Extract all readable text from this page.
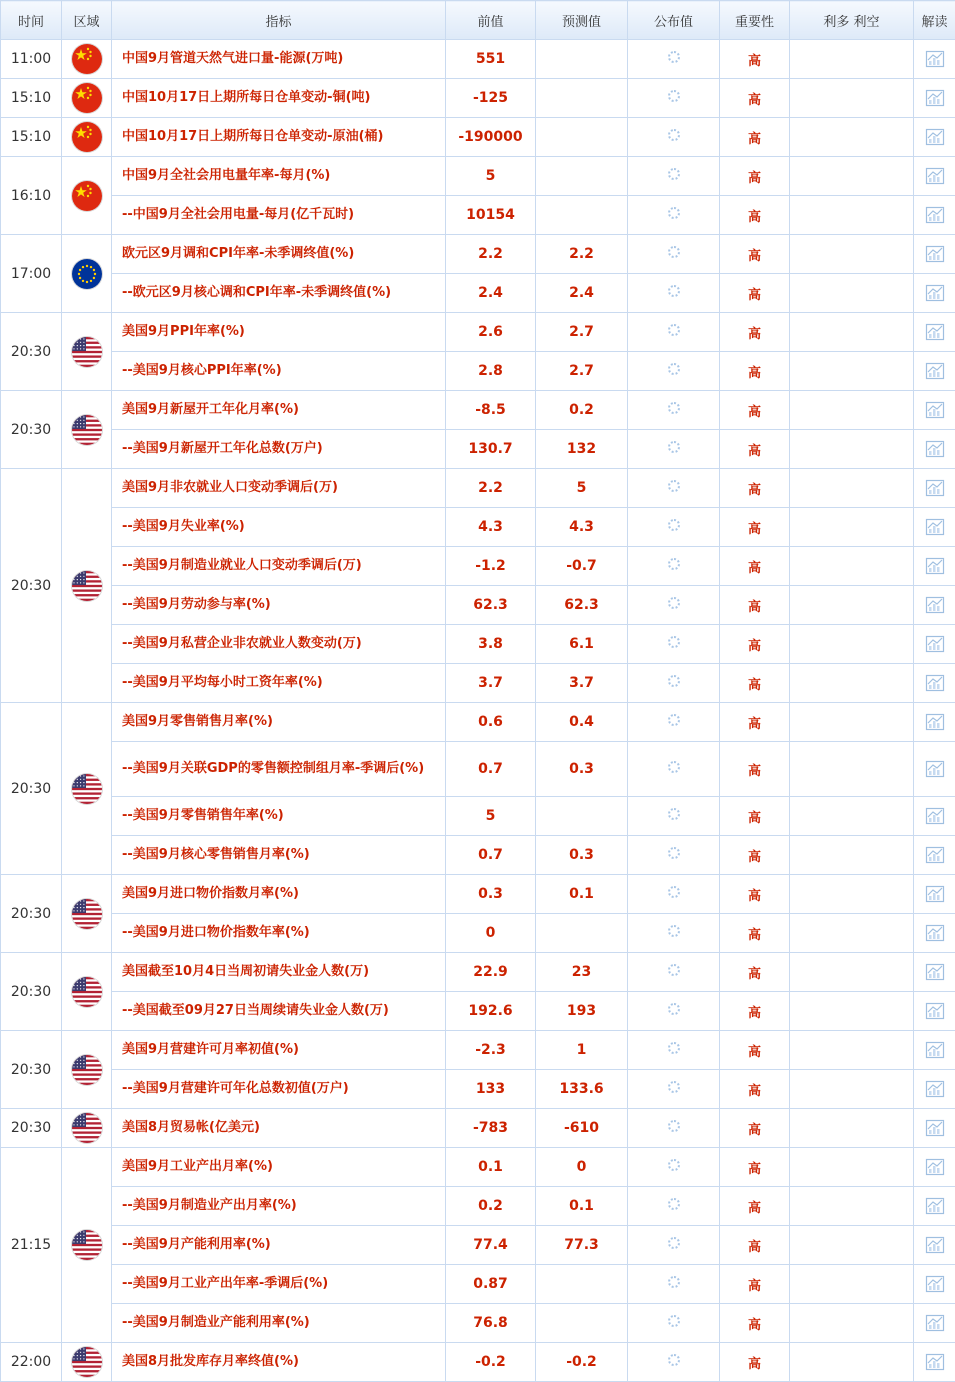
时间	区域	指标	前值	预测值	公布值	重要性	利多 利空	解读
11:00		中国9月管道天然气进口量-能源(万吨)	551			高		
15:10		中国10月17日上期所每日仓单变动-铜(吨)	-125			高		
15:10		中国10月17日上期所每日仓单变动-原油(桶)	-190000			高		
16:10		中国9月全社会用电量年率-每月(%)	5			高		
		--中国9月全社会用电量-每月(亿千瓦时)	10154			高		
17:00		欧元区9月调和CPI年率-未季调终值(%)	2.2	2.2		高		
		--欧元区9月核心调和CPI年率-未季调终值(%)	2.4	2.4		高		
20:30		美国9月PPI年率(%)	2.6	2.7		高		
		--美国9月核心PPI年率(%)	2.8	2.7		高		
20:30		美国9月新屋开工年化月率(%)	-8.5	0.2		高		
		--美国9月新屋开工年化总数(万户)	130.7	132		高		
20:30		美国9月非农就业人口变动季调后(万)	2.2	5		高		
		--美国9月失业率(%)	4.3	4.3		高		
		--美国9月制造业就业人口变动季调后(万)	-1.2	-0.7		高		
		--美国9月劳动参与率(%)	62.3	62.3		高		
		--美国9月私营企业非农就业人数变动(万)	3.8	6.1		高		
		--美国9月平均每小时工资年率(%)	3.7	3.7		高		
20:30		美国9月零售销售月率(%)	0.6	0.4		高		
		--美国9月关联GDP的零售额控制组月率-季调后(%)	0.7	0.3		高		
		--美国9月零售销售年率(%)	5			高		
		--美国9月核心零售销售月率(%)	0.7	0.3		高		
20:30		美国9月进口物价指数月率(%)	0.3	0.1		高		
		--美国9月进口物价指数年率(%)	0			高		
20:30		美国截至10月4日当周初请失业金人数(万)	22.9	23		高		
		--美国截至09月27日当周续请失业金人数(万)	192.6	193		高		
20:30		美国9月营建许可月率初值(%)	-2.3	1		高		
		--美国9月营建许可年化总数初值(万户)	133	133.6		高		
20:30		美国8月贸易帐(亿美元)	-783	-610		高		
21:15		美国9月工业产出月率(%)	0.1	0		高		
		--美国9月制造业产出月率(%)	0.2	0.1		高		
		--美国9月产能利用率(%)	77.4	77.3		高		
		--美国9月工业产出年率-季调后(%)	0.87			高		
		--美国9月制造业产能利用率(%)	76.8			高		
22:00		美国8月批发库存月率终值(%)	-0.2	-0.2		高		
